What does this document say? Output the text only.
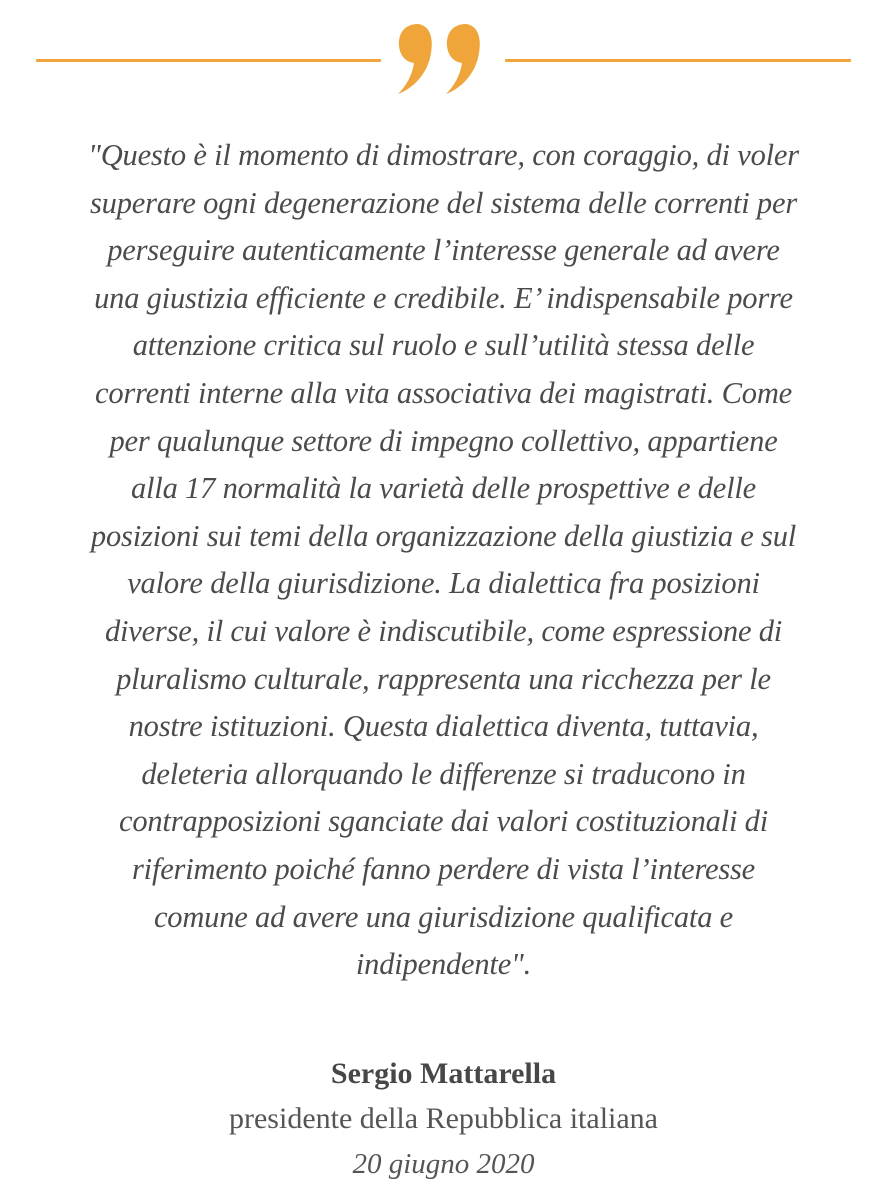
"Questo è il momento di dimostrare, con coraggio, di voler
superare ogni degenerazione del sistema delle correnti per
perseguire autenticamente l’interesse generale ad avere
una giustizia efficiente e credibile. E’ indispensabile porre
attenzione critica sul ruolo e sull’utilità stessa delle
correnti interne alla vita associativa dei magistrati. Come
per qualunque settore di impegno collettivo, appartiene
alla 17 normalità la varietà delle prospettive e delle
posizioni sui temi della organizzazione della giustizia e sul
valore della giurisdizione. La dialettica fra posizioni
diverse, il cui valore è indiscutibile, come espressione di
pluralismo culturale, rappresenta una ricchezza per le
nostre istituzioni. Questa dialettica diventa, tuttavia,
deleteria allorquando le differenze si traducono in
contrapposizioni sganciate dai valori costituzionali di
riferimento poiché fanno perdere di vista l’interesse
comune ad avere una giurisdizione qualificata e
indipendente".
Sergio Mattarella
presidente della Repubblica italiana
20 giugno 2020
